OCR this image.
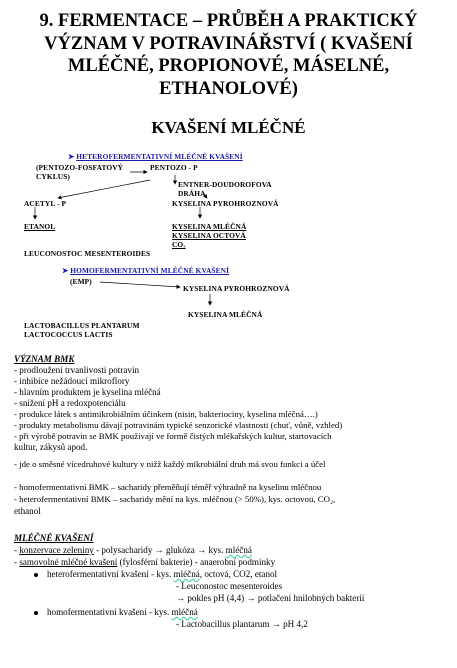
9. FERMENTACE – PRŮBĚH A PRAKTICKÝ
VÝZNAM V POTRAVINÁŘSTVÍ ( KVAŠENÍ
MLÉČNÉ, PROPIONOVÉ, MÁSELNÉ,
ETHANOLOVÉ)
KVAŠENÍ MLÉČNÉ
➤ HETEROFERMENTATIVNÍ MLÉČNÉ KVAŠENÍ
(PENTOZO-FOSFATOVÝ
CYKLUS)
PENTOZO - P
ENTNER-DOUDOROFOVA
DRÁHA
ACETYL - P	KYSELINA PYROHROZNOVÁ
ETANOL	KYSELINA MLÉČNÁ
KYSELINA OCTOVÁ
CO₂
LEUCONOSTOC MESENTEROIDES
➤ HOMOFERMENTATIVNÍ MLÉČNÉ KVAŠENÍ
(EMP)
KYSELINA PYROHROZNOVÁ
KYSELINA MLÉČNÁ
LACTOBACILLUS PLANTARUM
LACTOCOCCUS LACTIS
VÝZNAM BMK
- prodloužení trvanlivosti potravin
- inhibice nežádoucí mikroflory
- hlavním produktem je kyselina mléčná
- snížení pH a redoxpotenciálu
- produkce látek s antimikrobiálním účinkem (nisin, bakteriociny, kyselina mléčná….)
- produkty metabolismu dávají potravinám typické senzorické vlastnosti (chuť, vůně, vzhled)
- při výrobě potravin se BMK používají ve formě čistých mlékařských kultur, startovacích
kultur, zákysů apod.
- jde o směsné vícedruhové kultury v nižž každý mikrobiální druh má svou funkci a účel
- homofermentativní BMK – sacharidy přeměňují téměř výhradně na kyselinu mléčnou
- heterofermentativní BMK – sacharidy mění na kys. mléčnou (> 50%), kys. octovou, CO₂,
ethanol
MLÉČNÉ KVAŠENÍ
- konzervace zeleniny - polysacharidy → glukóza → kys. mléčná
- samovolné mléčné kvašení (fylosférní bakterie) - anaerobní podmínky
heterofermentativní kvašení - kys. mléčná, octová, CO2, etanol
- Leuconostoc mesenteroides
→ pokles pH (4,4) → potlačení hnilobných bakterií
homofermentativní kvašení - kys. mléčná
- Lactobacillus plantarum → pH 4,2
